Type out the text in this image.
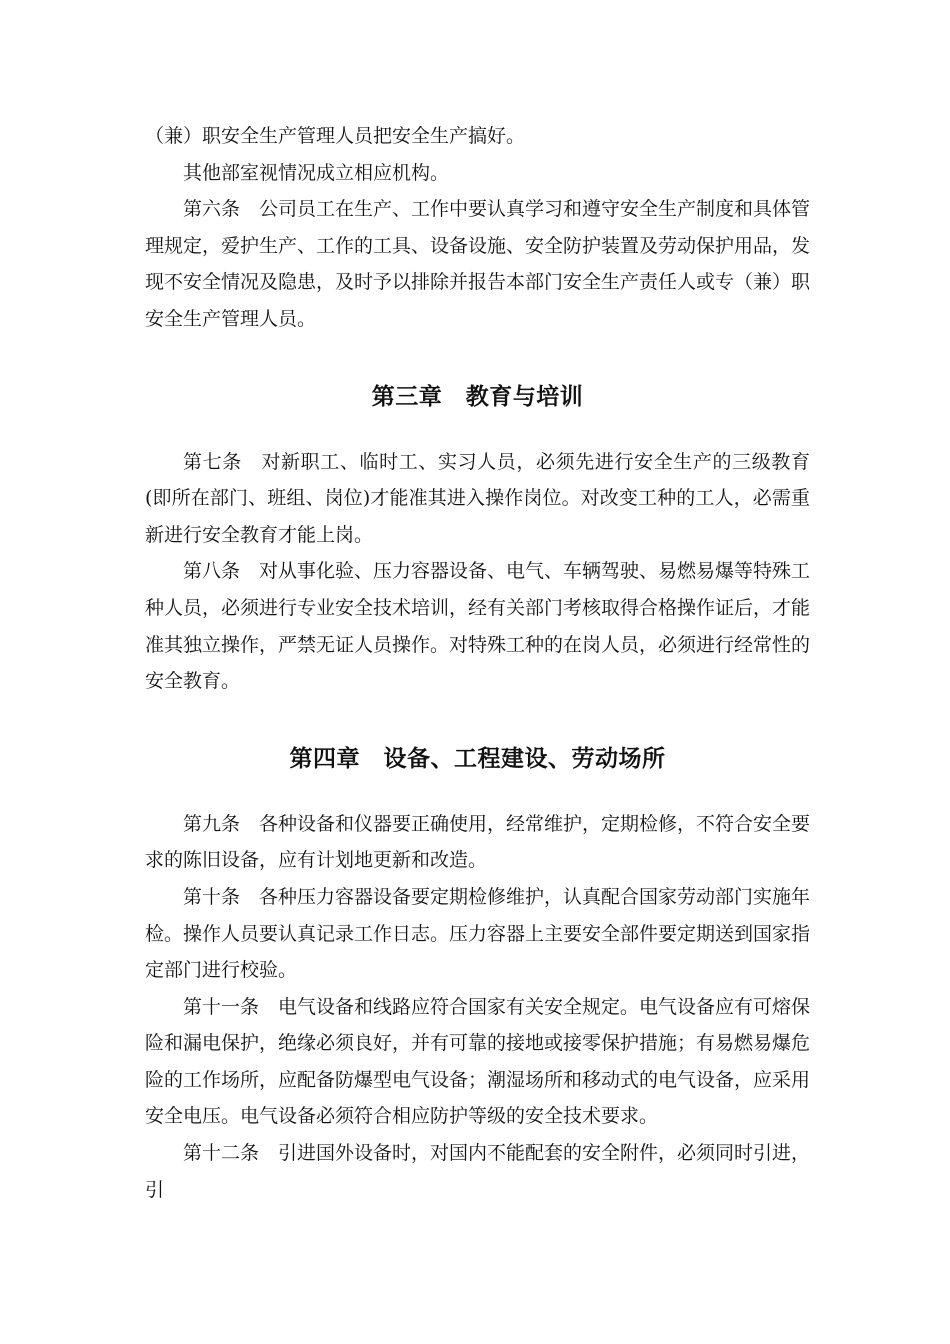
（兼）职安全生产管理人员把安全生产搞好。

其他部室视情况成立相应机构。

第六条　公司员工在生产、工作中要认真学习和遵守安全生产制度和具体管理规定，爱护生产、工作的工具、设备设施、安全防护装置及劳动保护用品，发现不安全情况及隐患，及时予以排除并报告本部门安全生产责任人或专（兼）职安全生产管理人员。

第三章　教育与培训

第七条　对新职工、临时工、实习人员，必须先进行安全生产的三级教育(即所在部门、班组、岗位)才能准其进入操作岗位。对改变工种的工人，必需重新进行安全教育才能上岗。

第八条　对从事化验、压力容器设备、电气、车辆驾驶、易燃易爆等特殊工种人员，必须进行专业安全技术培训，经有关部门考核取得合格操作证后，才能准其独立操作，严禁无证人员操作。对特殊工种的在岗人员，必须进行经常性的安全教育。

第四章　设备、工程建设、劳动场所

第九条　各种设备和仪器要正确使用，经常维护，定期检修，不符合安全要求的陈旧设备，应有计划地更新和改造。

第十条　各种压力容器设备要定期检修维护，认真配合国家劳动部门实施年检。操作人员要认真记录工作日志。压力容器上主要安全部件要定期送到国家指定部门进行校验。

第十一条　电气设备和线路应符合国家有关安全规定。电气设备应有可熔保险和漏电保护，绝缘必须良好，并有可靠的接地或接零保护措施；有易燃易爆危险的工作场所，应配备防爆型电气设备；潮湿场所和移动式的电气设备，应采用安全电压。电气设备必须符合相应防护等级的安全技术要求。

第十二条　引进国外设备时，对国内不能配套的安全附件，必须同时引进，引
